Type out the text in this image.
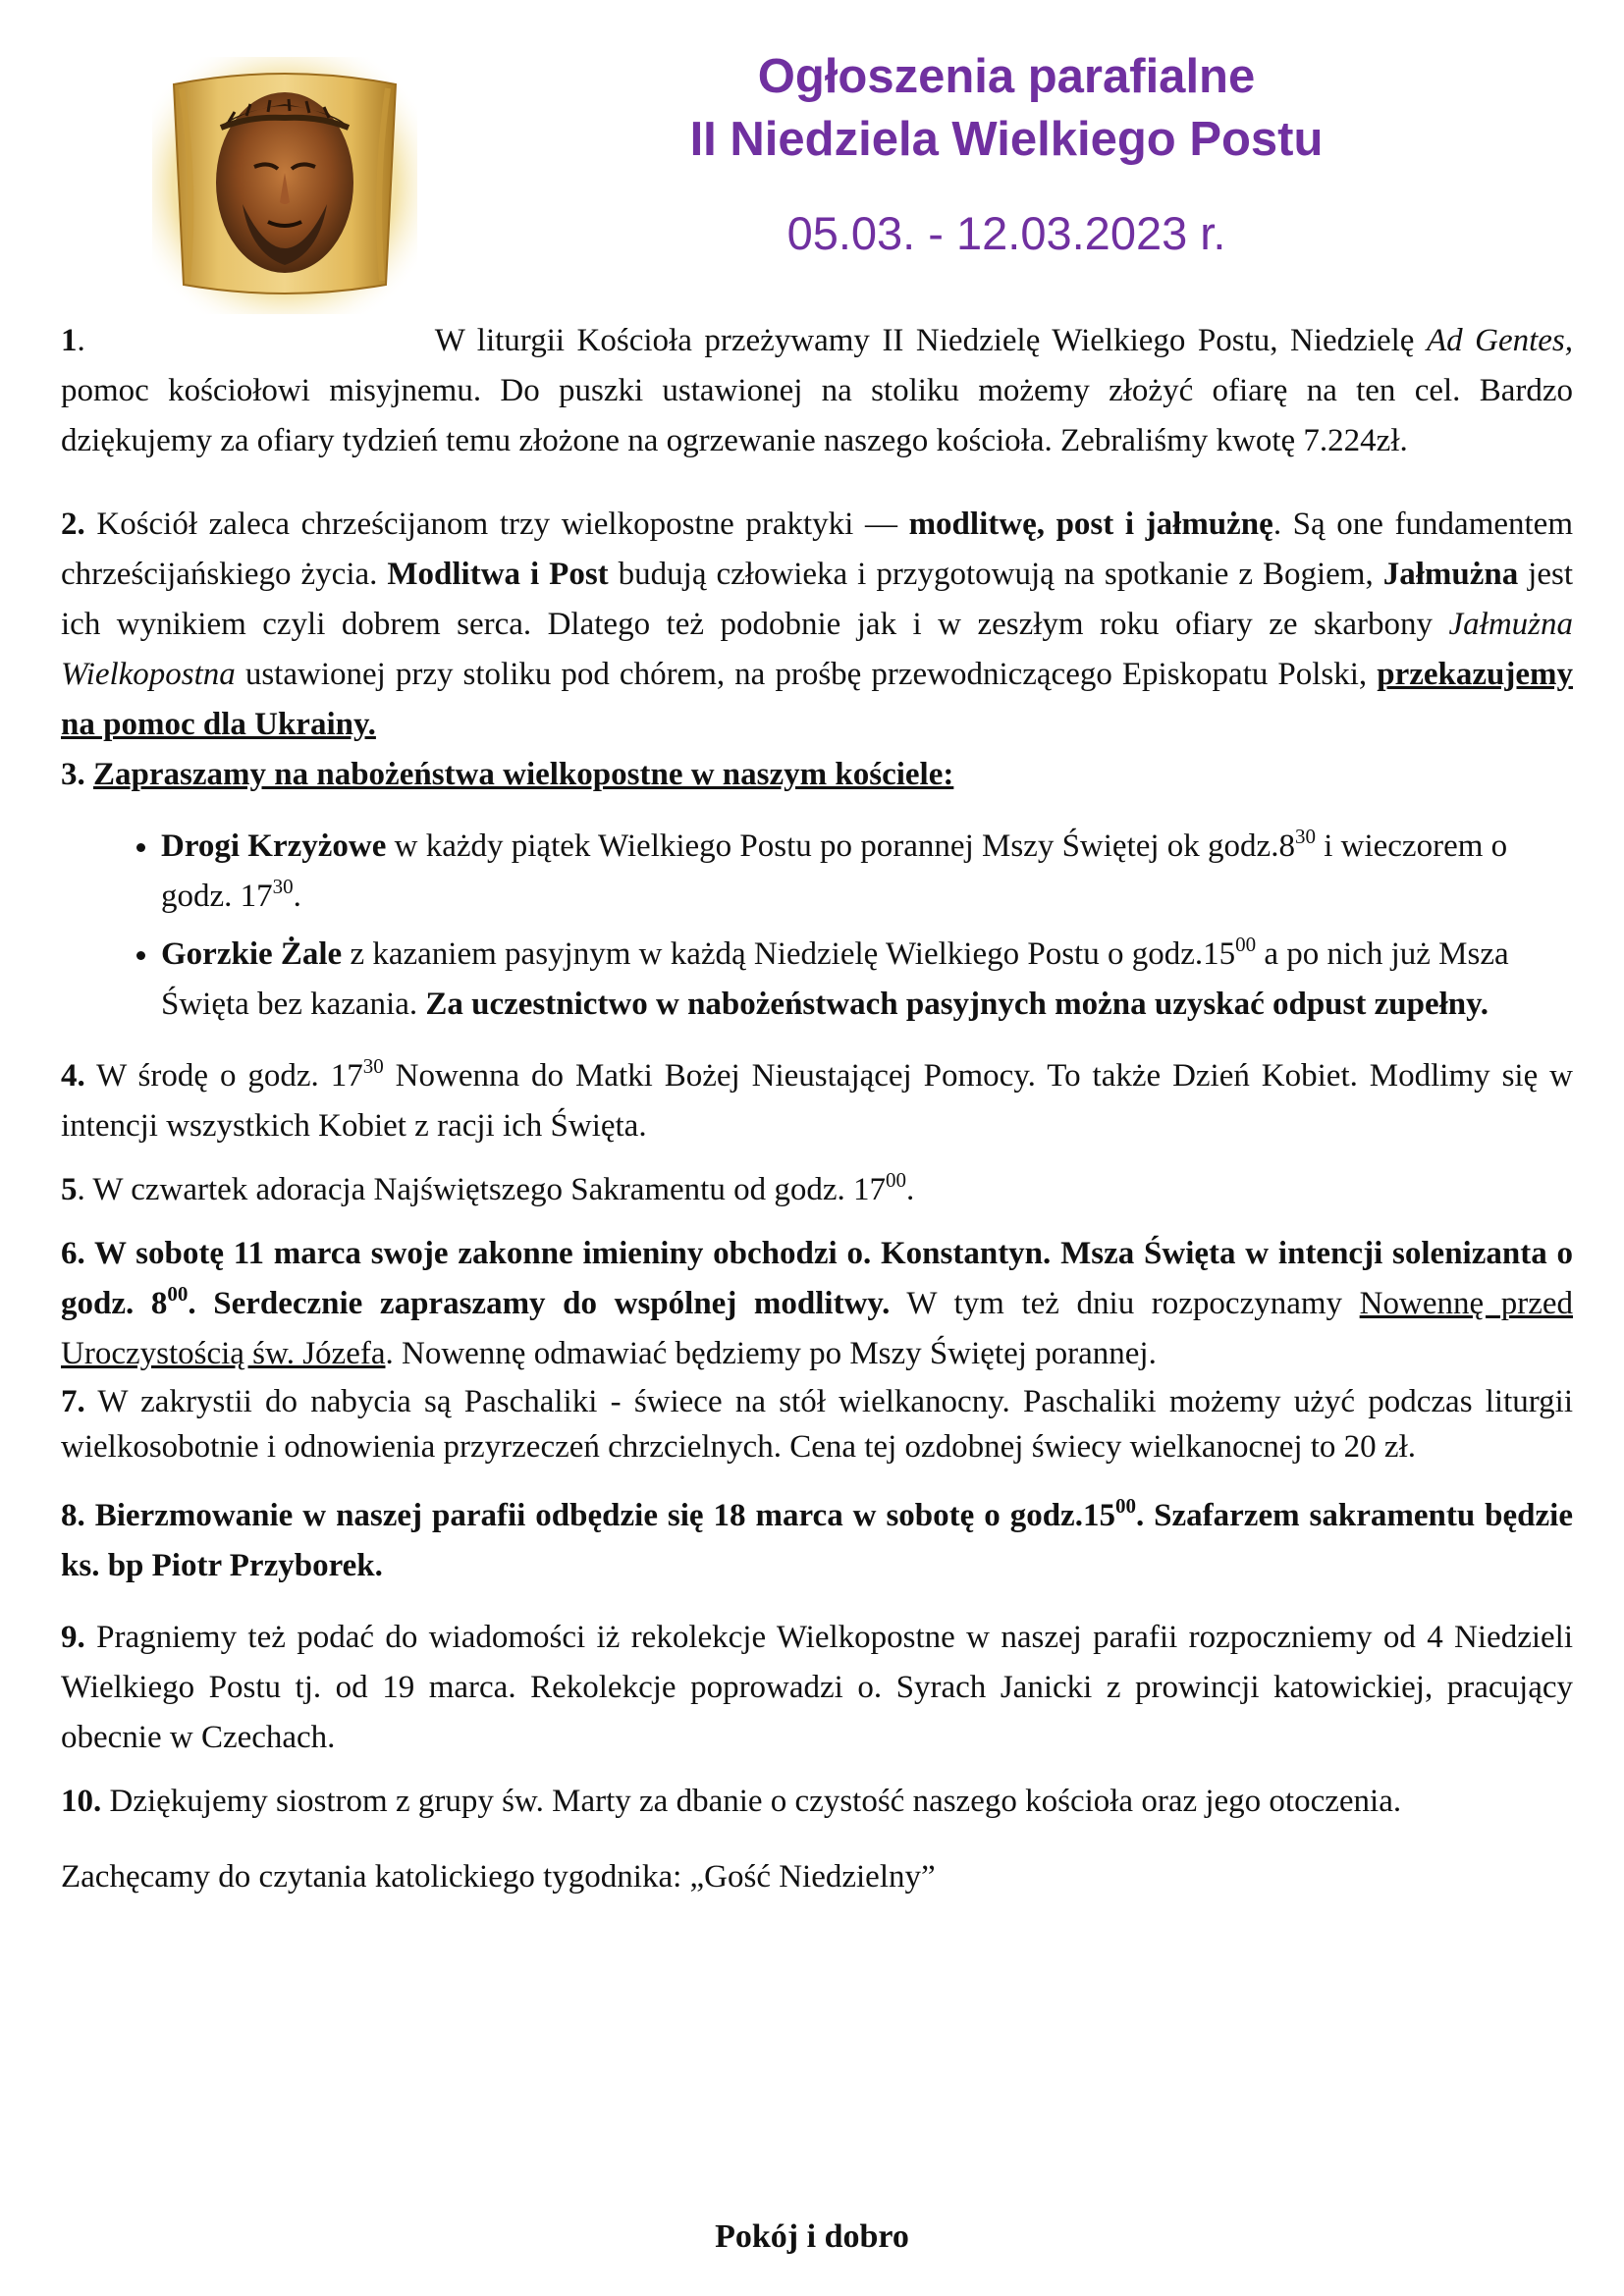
Ogłoszenia parafialne
II Niedziela Wielkiego Postu
05.03. - 12.03.2023 r.

1.	W liturgii Kościoła przeżywamy II Niedzielę Wielkiego Postu, Niedzielę Ad Gentes, pomoc kościołowi misyjnemu. Do puszki ustawionej na stoliku możemy złożyć ofiarę na ten cel. Bardzo dziękujemy za ofiary tydzień temu złożone na ogrzewanie naszego kościoła. Zebraliśmy kwotę 7.224zł.

2. Kościół zaleca chrześcijanom trzy wielkopostne praktyki — modlitwę, post i jałmużnę. Są one fundamentem chrześcijańskiego życia. Modlitwa i Post budują człowieka i przygotowują na spotkanie z Bogiem, Jałmużna jest ich wynikiem czyli dobrem serca. Dlatego też podobnie jak i w zeszłym roku ofiary ze skarbony Jałmużna Wielkopostna ustawionej przy stoliku pod chórem, na prośbę przewodniczącego Episkopatu Polski, przekazujemy na pomoc dla Ukrainy.

3. Zapraszamy na nabożeństwa wielkopostne w naszym kościele:

• Drogi Krzyżowe w każdy piątek Wielkiego Postu po porannej Mszy Świętej ok $godz.8^{30}$ i wieczorem o godz. $17^{30}$.
• Gorzkie Żale z kazaniem pasyjnym w każdą Niedzielę Wielkiego Postu o $godz.15^{00}$ a po nich już Msza Święta bez kazania. Za uczestnictwo w nabożeństwach pasyjnych można uzyskać odpust zupełny.

4. W środę o godz. $17^{30}$ Nowenna do Matki Bożej Nieustającej Pomocy. To także Dzień Kobiet. Modlimy się w intencji wszystkich Kobiet z racji ich Święta.

5. W czwartek adoracja Najświętszego Sakramentu od godz. $17^{00}$.

6. W sobotę 11 marca swoje zakonne imieniny obchodzi o. Konstantyn. Msza Święta w intencji solenizanta o godz. $8^{00}$. Serdecznie zapraszamy do wspólnej modlitwy. W tym też dniu rozpoczynamy Nowennę przed Uroczystością św. Józefa. Nowennę odmawiać będziemy po Mszy Świętej porannej.

7. W zakrystii do nabycia są Paschaliki - świece na stół wielkanocny. Paschaliki możemy użyć podczas liturgii wielkosobotnie i odnowienia przyrzeczeń chrzcielnych. Cena tej ozdobnej świecy wielkanocnej to 20 zł.

8. Bierzmowanie w naszej parafii odbędzie się 18 marca w sobotę o $godz.15^{00}$. Szafarzem sakramentu będzie ks. bp Piotr Przyborek.

9. Pragniemy też podać do wiadomości iż rekolekcje Wielkopostne w naszej parafii rozpoczniemy od 4 Niedzieli Wielkiego Postu tj. od 19 marca. Rekolekcje poprowadzi o. Syrach Janicki z prowincji katowickiej, pracujący obecnie w Czechach.

10. Dziękujemy siostrom z grupy św. Marty za dbanie o czystość naszego kościoła oraz jego otoczenia.

Zachęcamy do czytania katolickiego tygodnika: „Gość Niedzielny”

Pokój i dobro
